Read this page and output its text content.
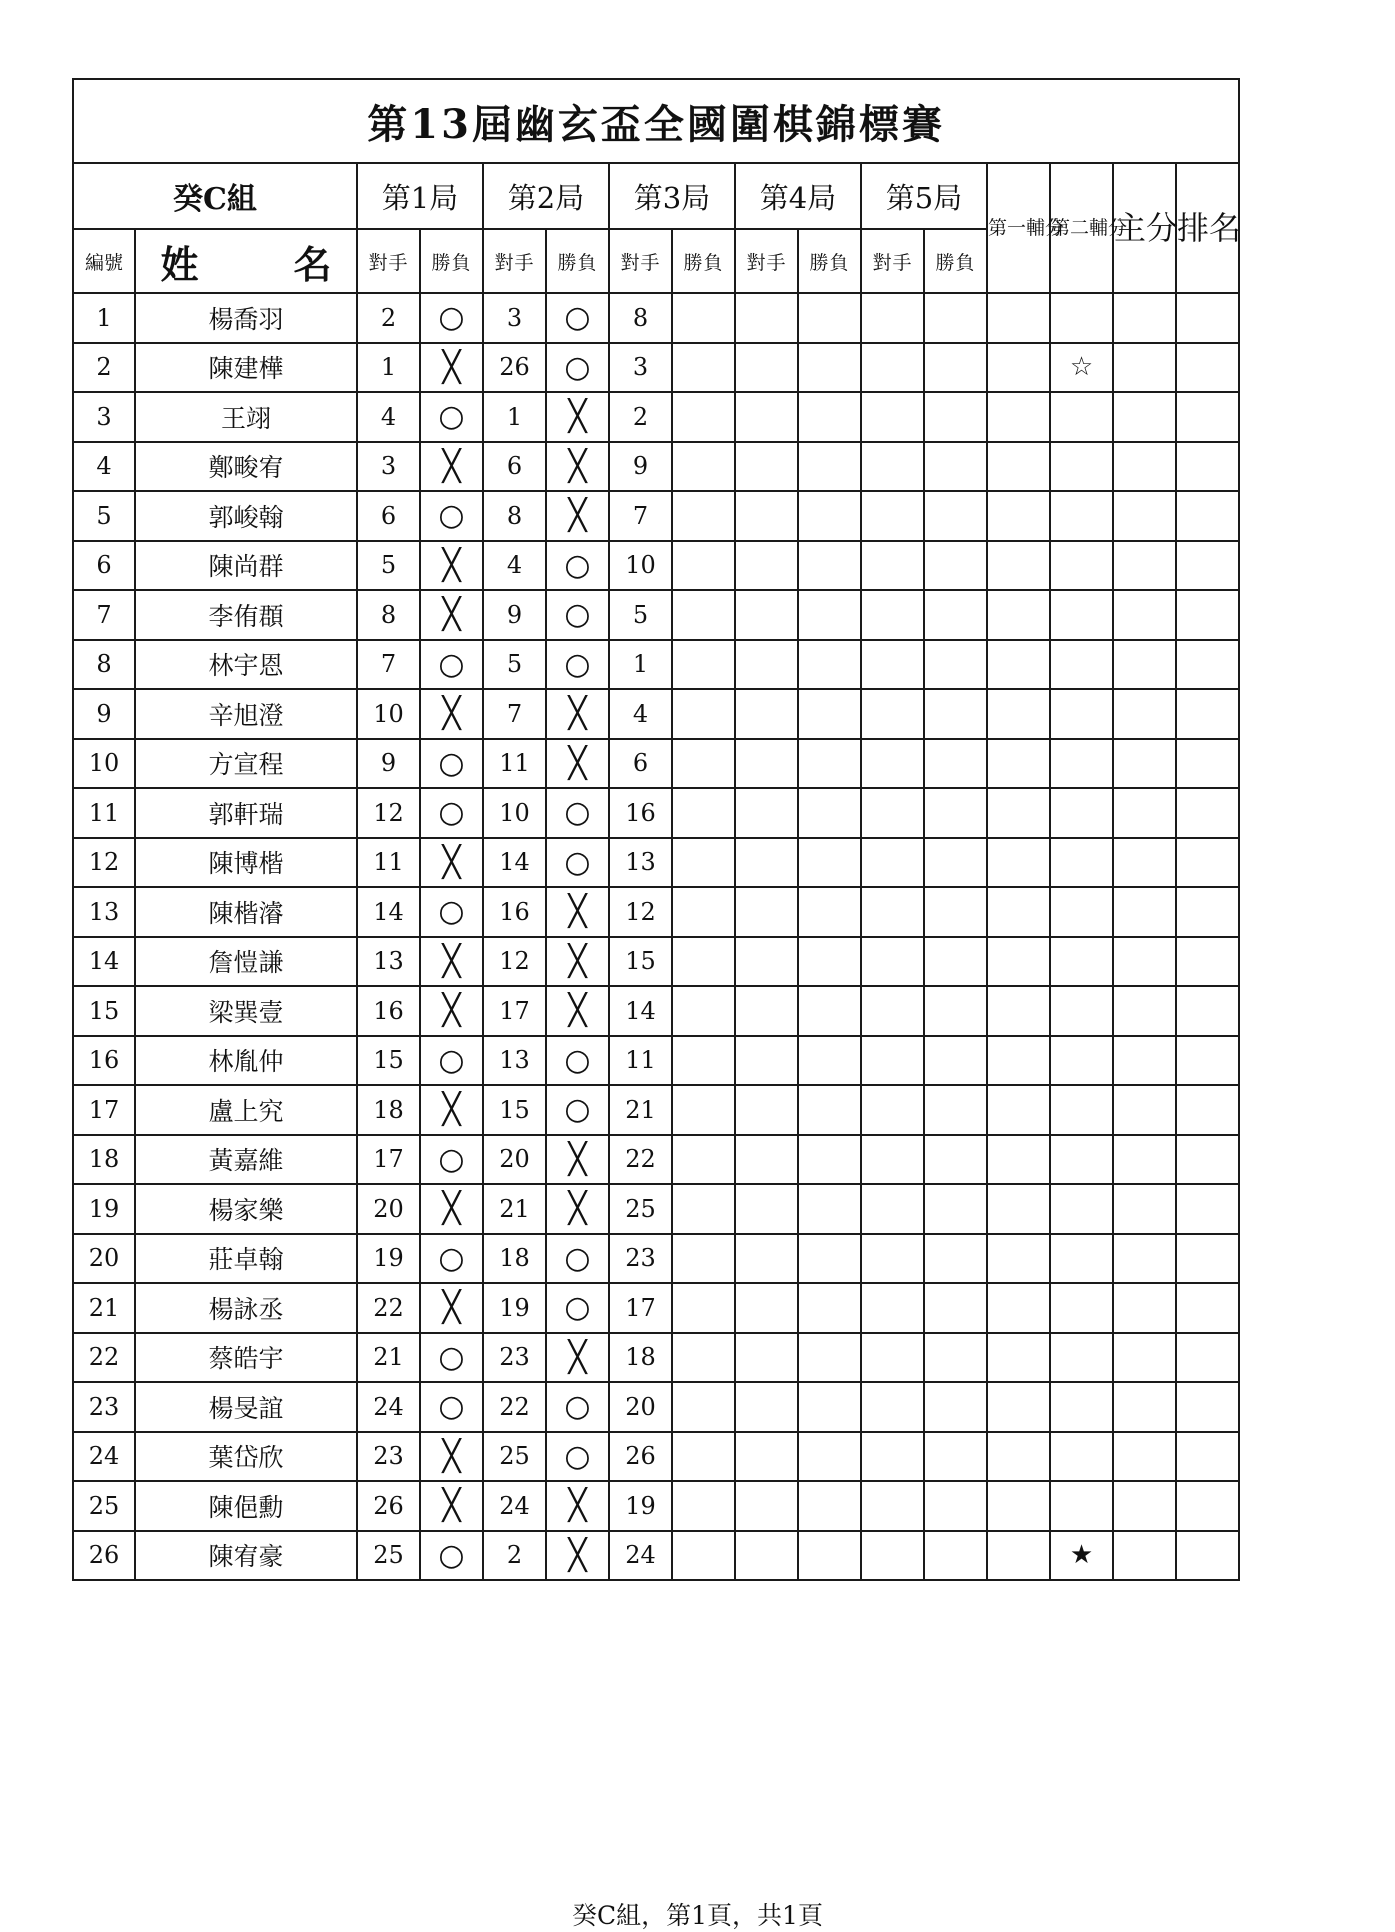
第13屆幽玄盃全國圍棋錦標賽															
癸C組		第1局		第2局		第3局		第4局		第5局		第一輔分	第二輔分	主分	排名
編號	姓 名	對手	勝負	對手	勝負	對手	勝負	對手	勝負	對手	勝負				
1	楊喬羽	2	○	3	○	8									
2	陳建樺	1	╳	26	○	3							☆		
3	王翊	4	○	1	╳	2									
4	鄭畯宥	3	╳	6	╳	9									
5	郭峻翰	6	○	8	╳	7									
6	陳尚群	5	╳	4	○	10									
7	李侑頵	8	╳	9	○	5									
8	林宇恩	7	○	5	○	1									
9	辛旭澄	10	╳	7	╳	4									
10	方宣程	9	○	11	╳	6									
11	郭軒瑞	12	○	10	○	16									
12	陳博楷	11	╳	14	○	13									
13	陳楷濬	14	○	16	╳	12									
14	詹愷謙	13	╳	12	╳	15									
15	梁巽壹	16	╳	17	╳	14									
16	林胤仲	15	○	13	○	11									
17	盧上究	18	╳	15	○	21									
18	黃嘉維	17	○	20	╳	22									
19	楊家樂	20	╳	21	╳	25									
20	莊卓翰	19	○	18	○	23									
21	楊詠丞	22	╳	19	○	17									
22	蔡皓宇	21	○	23	╳	18									
23	楊旻誼	24	○	22	○	20									
24	葉岱欣	23	╳	25	○	26									
25	陳俋勳	26	╳	24	╳	19									
26	陳宥豪	25	○	2	╳	24							★		
癸C組，第1頁，共1頁
